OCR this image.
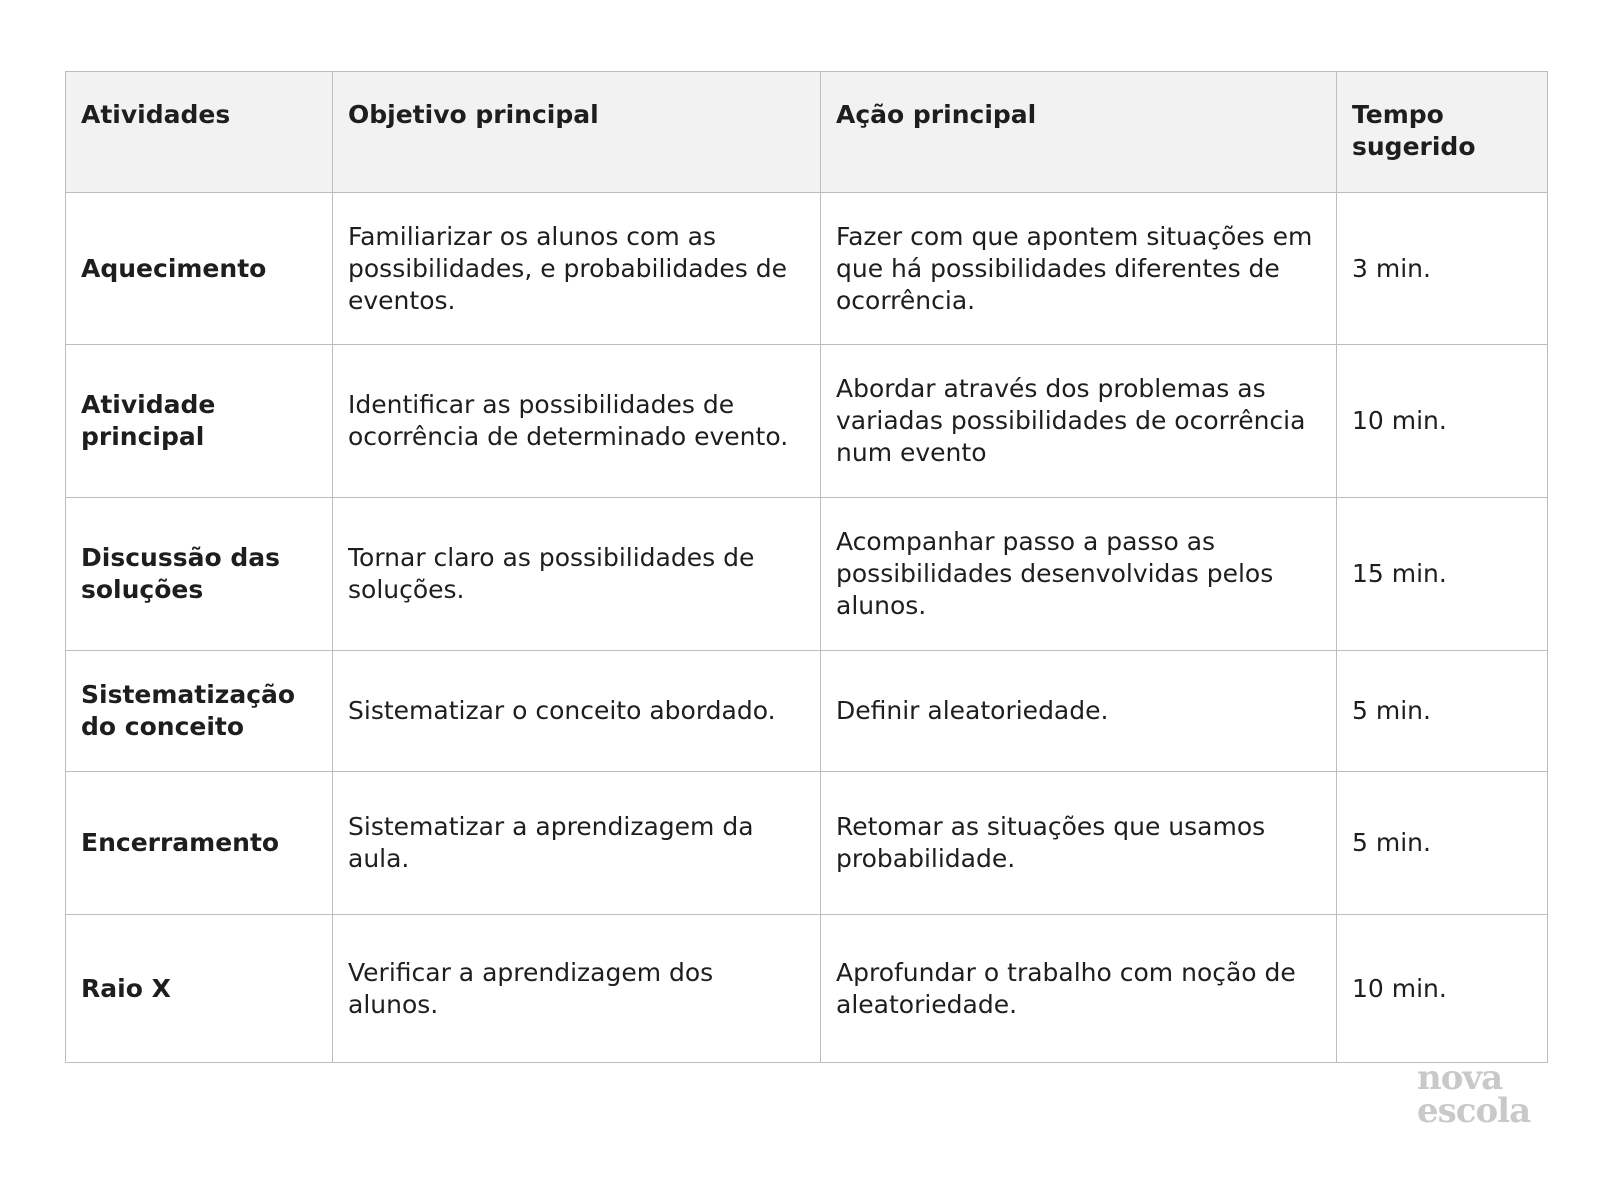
Atividades	Objetivo principal	Ação principal	Tempo sugerido
Aquecimento	Familiarizar os alunos com as possibilidades, e probabilidades de eventos.	Fazer com que apontem situações em que há possibilidades diferentes de ocorrência.	3 min.
Atividade principal	Identificar as possibilidades de ocorrência de determinado evento.	Abordar através dos problemas as variadas possibilidades de ocorrência num evento	10 min.
Discussão das soluções	Tornar claro as possibilidades de soluções.	Acompanhar passo a passo as possibilidades desenvolvidas pelos alunos.	15 min.
Sistematização do conceito	Sistematizar o conceito abordado.	Definir aleatoriedade.	5 min.
Encerramento	Sistematizar a aprendizagem da aula.	Retomar as situações que usamos probabilidade.	5 min.
Raio X	Verificar a aprendizagem dos alunos.	Aprofundar o trabalho com noção de aleatoriedade.	10 min.
nova
escola
